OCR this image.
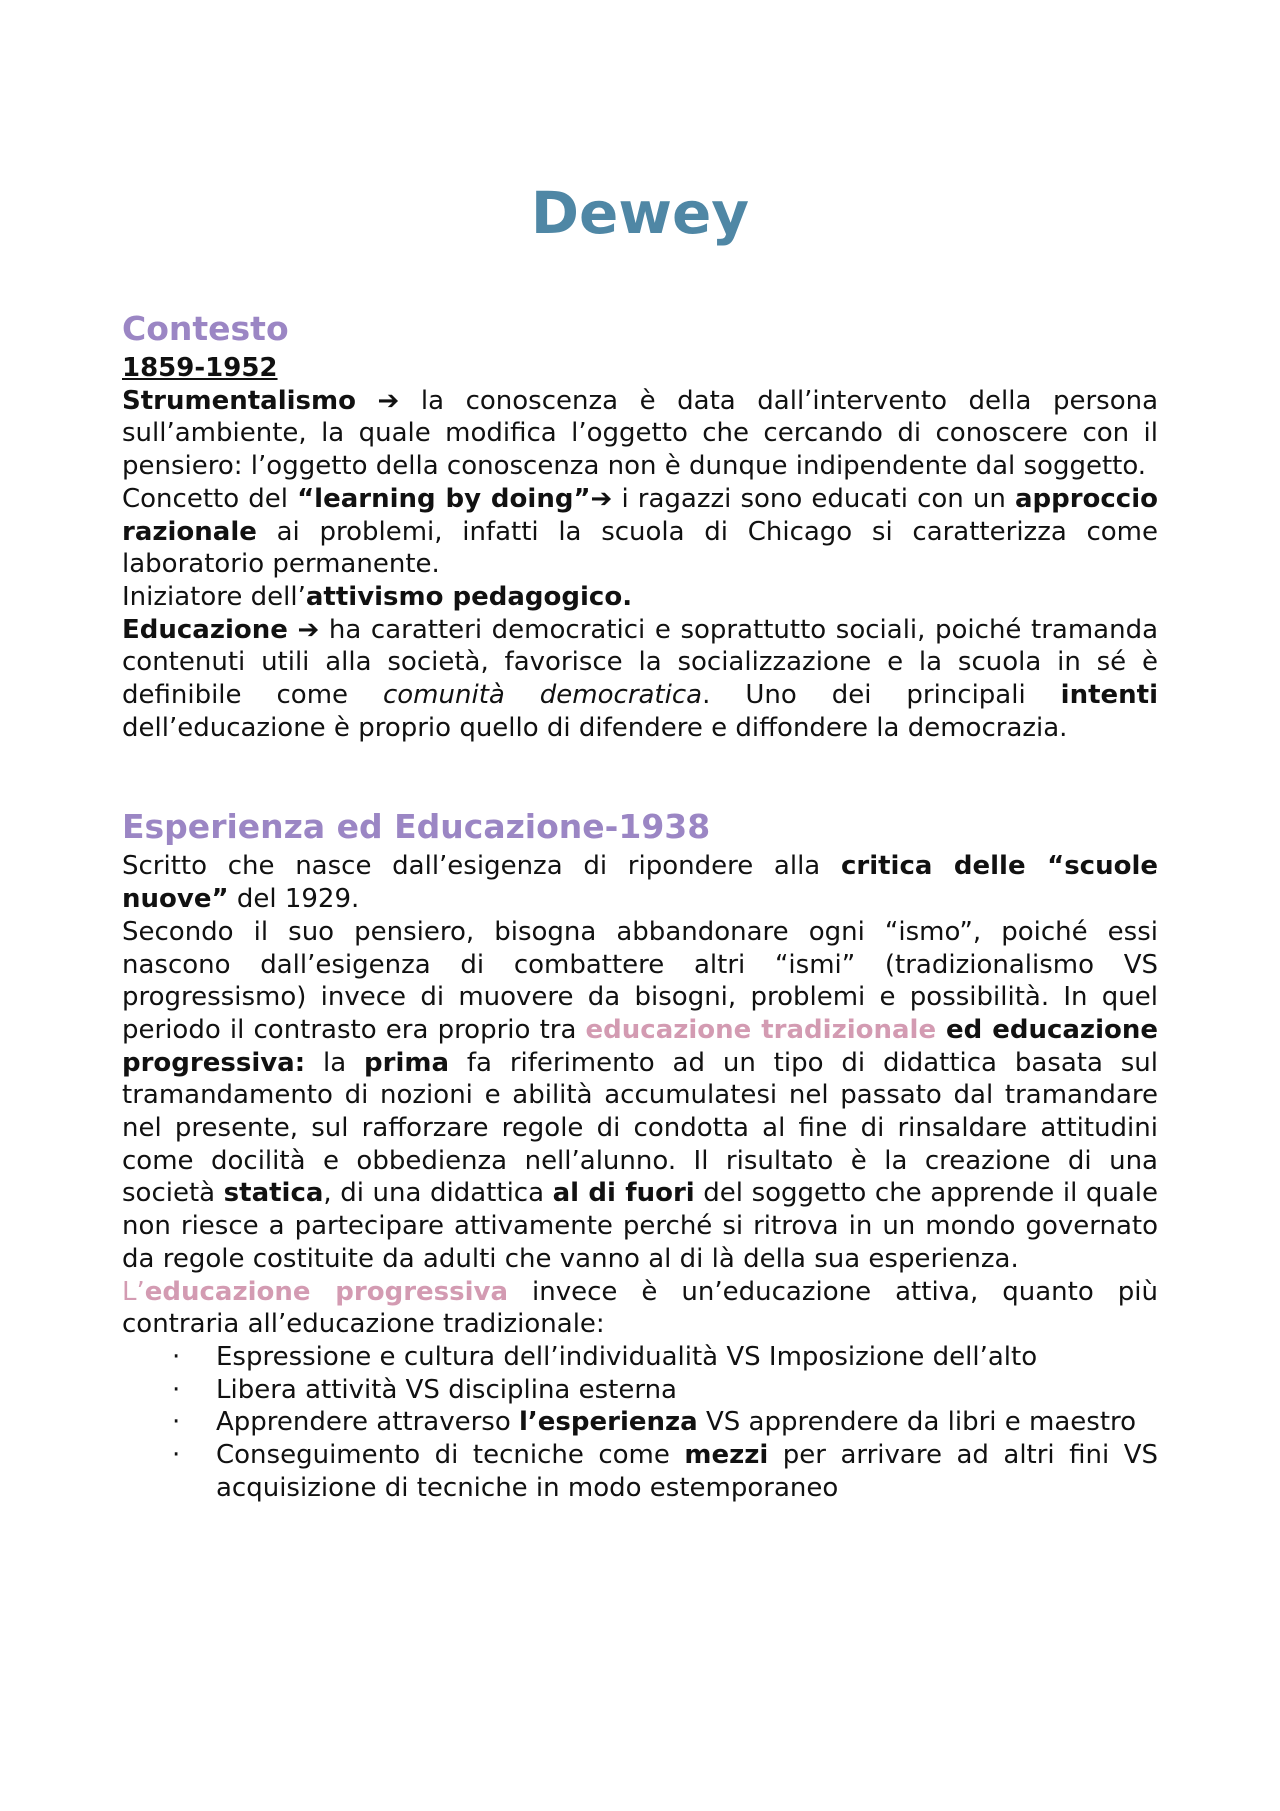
Dewey
Contesto

1859-1952

Strumentalismo ➔ la conoscenza è data dall’intervento della persona sull’ambiente, la quale modifica l’oggetto che cercando di conoscere con il pensiero: l’oggetto della conoscenza non è dunque indipendente dal soggetto.

Concetto del “learning by doing”➔ i ragazzi sono educati con un approccio razionale ai problemi, infatti la scuola di Chicago si caratterizza come laboratorio permanente.

Iniziatore dell’attivismo pedagogico.

Educazione ➔ ha caratteri democratici e soprattutto sociali, poiché tramanda contenuti utili alla società, favorisce la socializzazione e la scuola in sé è definibile come comunità democratica. Uno dei principali intenti dell’educazione è proprio quello di difendere e diffondere la democrazia.

Esperienza ed Educazione-1938

Scritto che nasce dall’esigenza di ripondere alla critica delle “scuole nuove” del 1929.

Secondo il suo pensiero, bisogna abbandonare ogni “ismo”, poiché essi nascono dall’esigenza di combattere altri “ismi” (tradizionalismo VS progressismo) invece di muovere da bisogni, problemi e possibilità. In quel periodo il contrasto era proprio tra educazione tradizionale ed educazione progressiva: la prima fa riferimento ad un tipo di didattica basata sul tramandamento di nozioni e abilità accumulatesi nel passato dal tramandare nel presente, sul rafforzare regole di condotta al fine di rinsaldare attitudini come docilità e obbedienza nell’alunno. Il risultato è la creazione di una società statica, di una didattica al di fuori del soggetto che apprende il quale non riesce a partecipare attivamente perché si ritrova in un mondo governato da regole costituite da adulti che vanno al di là della sua esperienza.

L’educazione progressiva invece è un’educazione attiva, quanto più contraria all’educazione tradizionale:

· Espressione e cultura dell’individualità VS Imposizione dell’alto
· Libera attività VS disciplina esterna
· Apprendere attraverso l’esperienza VS apprendere da libri e maestro
· Conseguimento di tecniche come mezzi per arrivare ad altri fini VS acquisizione di tecniche in modo estemporaneo
